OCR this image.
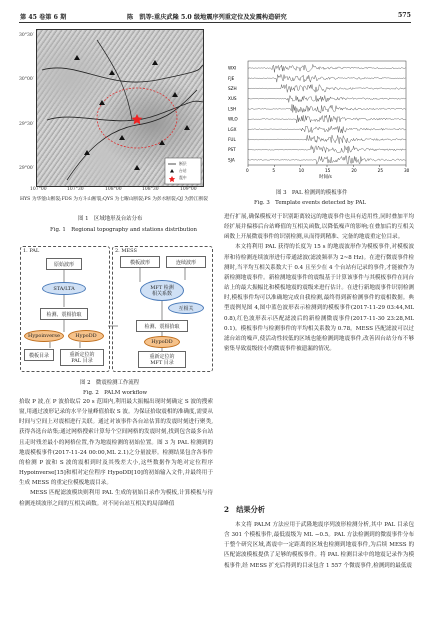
第 45 卷第 6 期	陈　凯等:重庆武隆 5.0 级地震序列重定位及发震构造研究	575
30°30′
30°00′
29°30′
29°00′
断层
台站
震中
107°00′	107°30′	108°00′	108°30′	109°00′
HYS 为华蓥山断裂;FDS 为方斗山断裂;QYS 为七曜山断裂;PS 为彭水断裂;QJ 为黔江断裂
图 1　区域地形及台站分布
Fig. 1　Regional topography and stations distribution
1. PAL	2. MESS
原始波形
STA/LTA
检测、震相拾取
Hypoinverse	HypoDD
模板目录	重新定位的
PAL 目录
模板波形	连续波形
MFT 检测
相关系数
互相关
检测、震相拾取
HypoDD
重新定位的
MFT 目录
图 2　微震检测工作流程
Fig. 2　PALM workflow

拾取 P 波,在 P 波拾取后 20 s 范围内,利用最大振幅出现时刻确定 S 波的搜索窗,用通过波形记录的水平分量峰值拾取 S 波。为保证拾取震相的准确度,需要从时间与空间上对震相进行关联。通过对该事件各台站估算的发震时刻进行聚类,获得各选台站集;通过网格搜索计算每个空间网格的发震时刻,找到包含最多台站且走时残差最小的网格位置,作为地震检测的初始位置。图 3 为 PAL 检测到的地震模板事件(2017-11-24 00:00,ML 2.1)之分量波形。检测结果包含各事件的检测 P 波和 S 波的震相到时及其残差大小,这些数据作为绝对定位程序 Hypoinverse[15]和相对定位程序 HypoDD[10]的初始输入文件,并最终用于生成 MESS 的重定位模板地震目录。

MESS 匹配滤波模块则利用 PAL 生成的初始目录作为模板,计算模板与待检测连续波形之间的互相关函数。对不同台站互相关的局部峰值

WXI
FJE
SZH
XUS
LSH
WLO
LGX
FUL
PST
SJA
0	5	10	15	20	25	30
时间/s
图 3　PAL 检测到的模板事件
Fig. 3　Template events detected by PAL

进行扩展,确保模板对于识别距离较远的地震事件也具有适用性,同时叠加平均经扩展并偏移后台站峰值的互相关函数,以降低噪声的影响;在叠加后的互相关函数上开展微震事件的识别检测,从而得到精准、完备的地震重定位目录。

本文将利用 PAL 获得的长度为 15 s 的地震波形作为模板事件,对模板波形和待检测连续波形进行带通滤波(滤波频率为 2~8 Hz)。在进行微震事件检测时,当平均互相关系数大于 0.4 且至少在 4 个台站有记录的事件,才能被作为新检测地震事件。新检测地震事件的震级基于计算该事件与其模板事件在同台站上的最大振幅比和模板地震的震级来进行估计。在进行新地震事件识别检测时,模板事件均可以准确地完成自我检测,最终得到新检测事件的震相数据。典型震例见图 4,图中蓝色波形表示检测到的模板事件(2017-11-29 03:44,ML 0.8),红色波形表示匹配滤波后的新检测微震事件(2017-11-30 23:28,ML 0.1)。模板事件与检测事件的平均相关系数为 0.78。MESS 匹配滤波可以过滤台站的噪声,使活动性较低的区域也能检测到地震事件,改善因台站分布不够密集导致震级较小的微震事件被遗漏的情况。

2　结果分析

本文将 PALM 方法应用于武隆地震序列波形检测分析,其中 PAL 目录包含 301 个模板事件,最低震级为 ML −0.5。PAL 方法检测到的微震事件分布于整个研究区域,离震中一定距离的区域也检测到地震事件,为后续 MESS 的匹配滤波模板提供了足够的模板事件。将 PAL 检测目录中的地震记录作为模板事件,经 MESS 扩充后得到的目录包含 1 557 个微震事件,检测到的最低震
